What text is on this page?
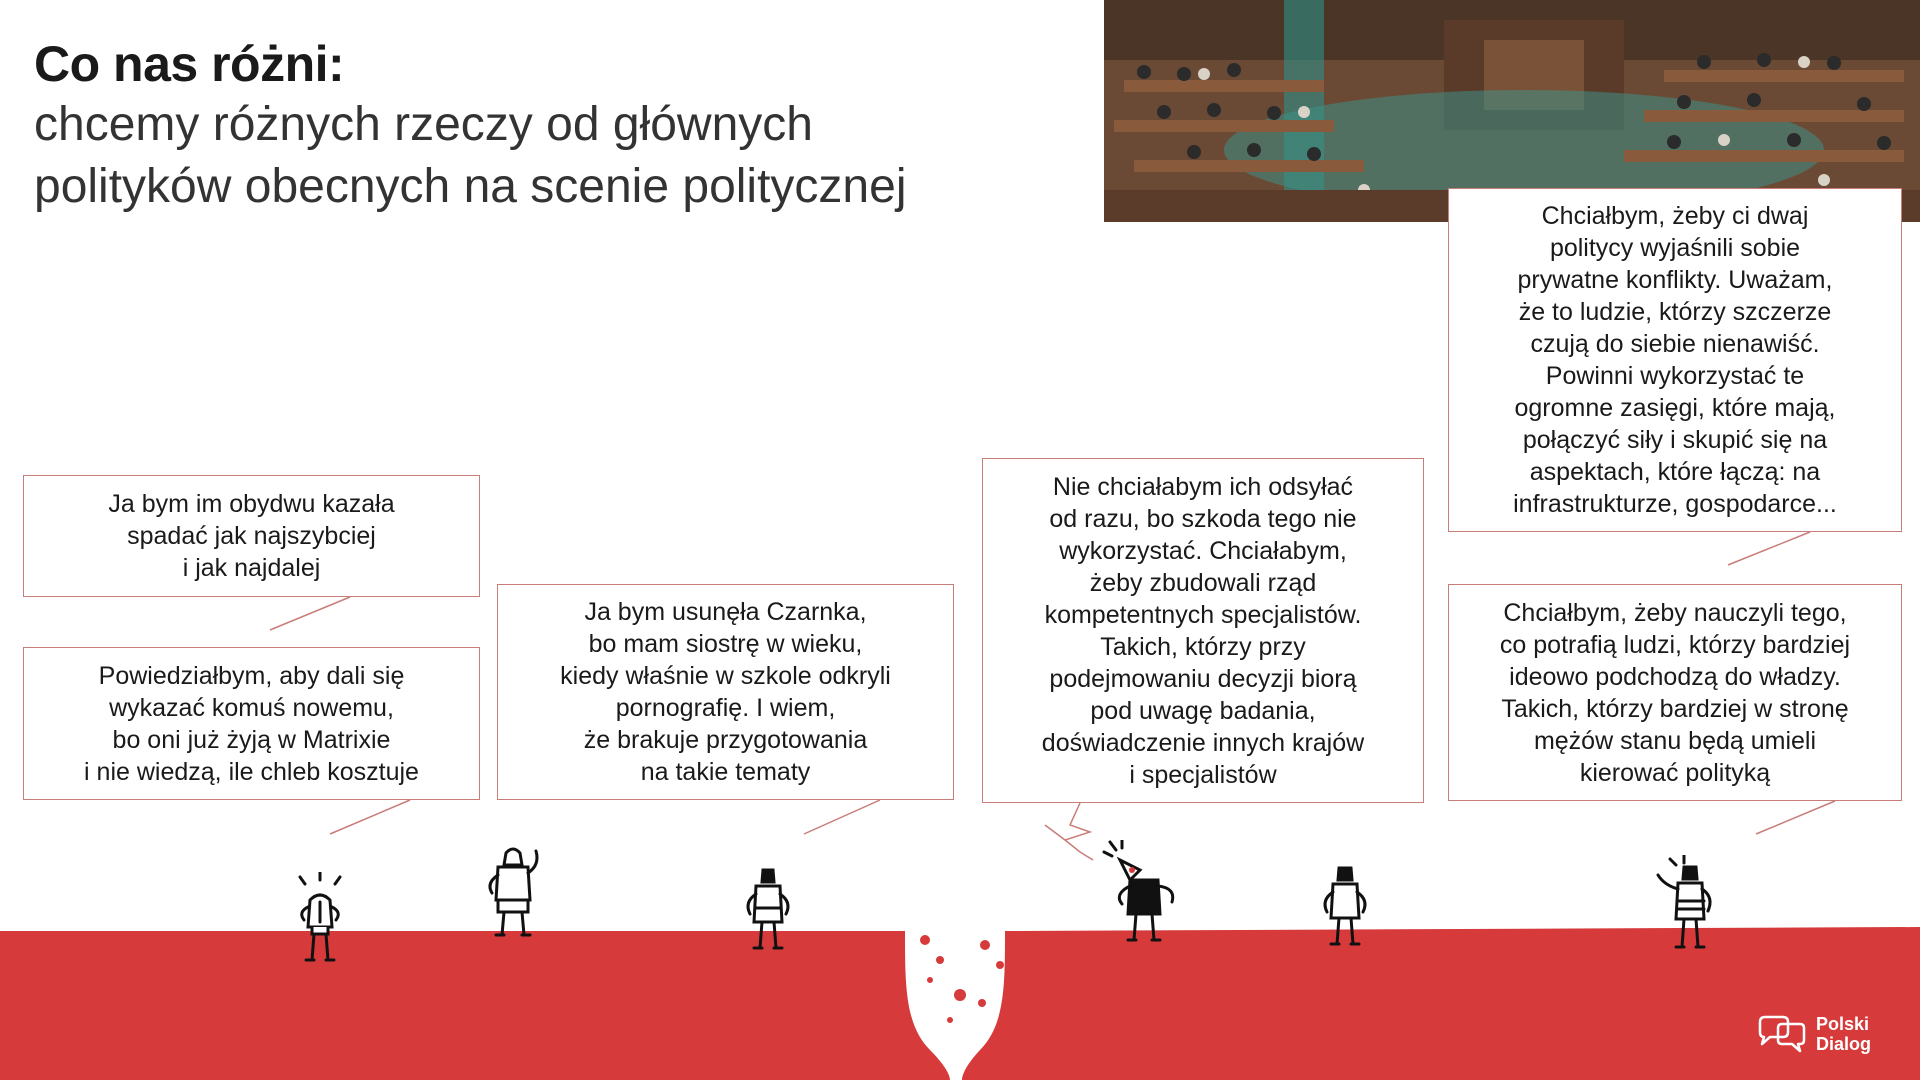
Co nas różni:
chcemy różnych rzeczy od głównych
polityków obecnych na scenie politycznej
Ja bym im obydwu kazała
spadać jak najszybciej
i jak najdalej
Powiedziałbym, aby dali się
wykazać komuś nowemu,
bo oni już żyją w Matrixie
i nie wiedzą, ile chleb kosztuje
Ja bym usunęła Czarnka,
bo mam siostrę w wieku,
kiedy właśnie w szkole odkryli
pornografię. I wiem,
że brakuje przygotowania
na takie tematy
Nie chciałabym ich odsyłać
od razu, bo szkoda tego nie
wykorzystać. Chciałabym,
żeby zbudowali rząd
kompetentnych specjalistów.
Takich, którzy przy
podejmowaniu decyzji biorą
pod uwagę badania,
doświadczenie innych krajów
i specjalistów
Chciałbym, żeby ci dwaj
politycy wyjaśnili sobie
prywatne konflikty. Uważam,
że to ludzie, którzy szczerze
czują do siebie nienawiść.
Powinni wykorzystać te
ogromne zasięgi, które mają,
połączyć siły i skupić się na
aspektach, które łączą: na
infrastrukturze, gospodarce...
Chciałbym, żeby nauczyli tego,
co potrafią ludzi, którzy bardziej
ideowo podchodzą do władzy.
Takich, którzy bardziej w stronę
mężów stanu będą umieli
kierować polityką
Polski
Dialog
